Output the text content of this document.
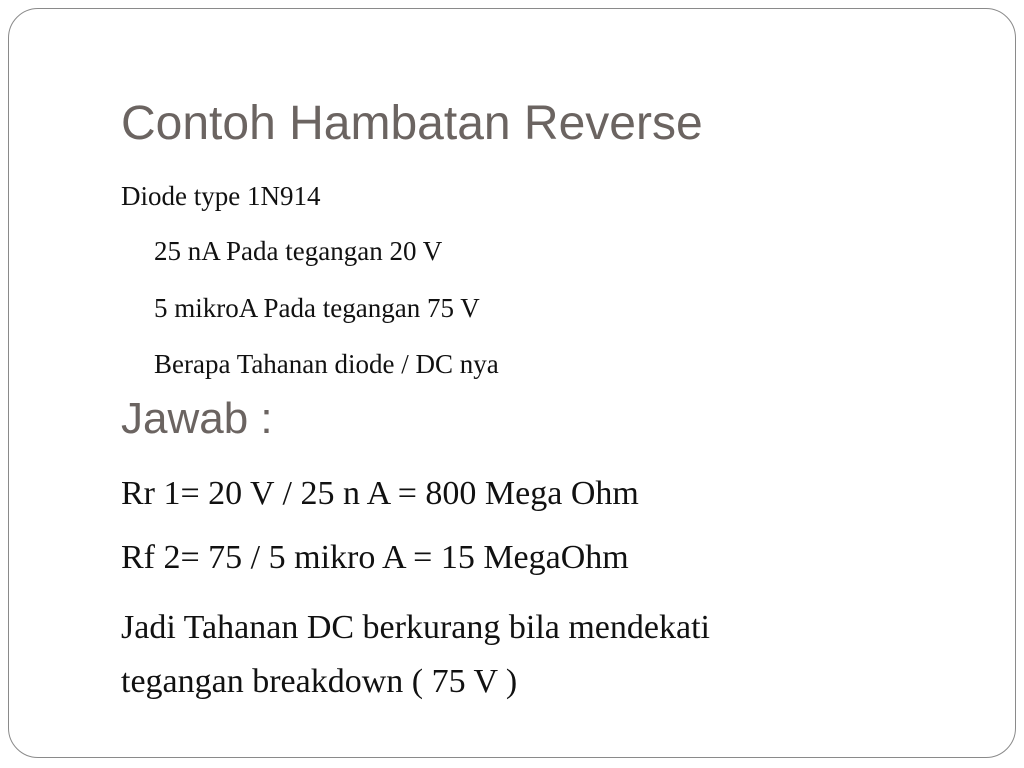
Contoh Hambatan Reverse
Diode type 1N914
25 nA Pada tegangan 20 V
5 mikroA Pada tegangan 75 V
Berapa Tahanan diode / DC nya
Jawab :
Rr 1= 20 V / 25 n A = 800 Mega Ohm
Rf 2= 75 / 5 mikro A = 15 MegaOhm
Jadi Tahanan DC berkurang bila mendekati
tegangan breakdown ( 75 V )
